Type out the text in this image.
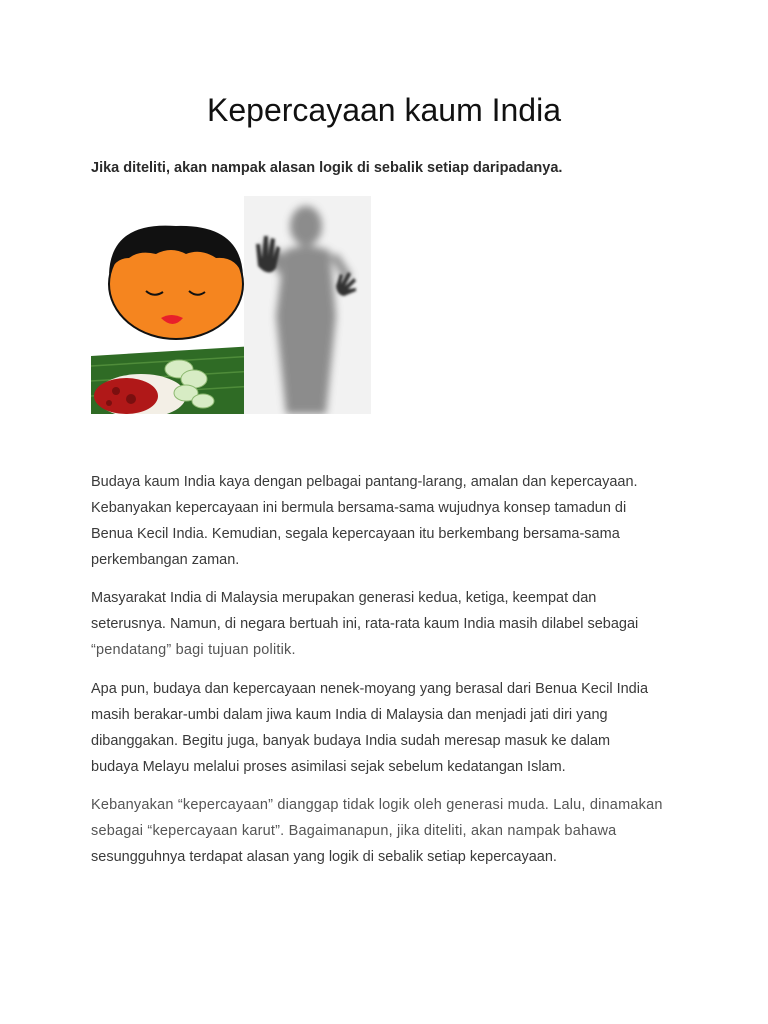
Kepercayaan kaum India

Jika diteliti, akan nampak alasan logik di sebalik setiap daripadanya.

Budaya kaum India kaya dengan pelbagai pantang-larang, amalan dan kepercayaan.
Kebanyakan kepercayaan ini bermula bersama-sama wujudnya konsep tamadun di
Benua Kecil India. Kemudian, segala kepercayaan itu berkembang bersama-sama
perkembangan zaman.
Masyarakat India di Malaysia merupakan generasi kedua, ketiga, keempat dan
seterusnya. Namun, di negara bertuah ini, rata-rata kaum India masih dilabel sebagai
“pendatang” bagi tujuan politik.
Apa pun, budaya dan kepercayaan nenek-moyang yang berasal dari Benua Kecil India
masih berakar-umbi dalam jiwa kaum India di Malaysia dan menjadi jati diri yang
dibanggakan. Begitu juga, banyak budaya India sudah meresap masuk ke dalam
budaya Melayu melalui proses asimilasi sejak sebelum kedatangan Islam.
Kebanyakan “kepercayaan” dianggap tidak logik oleh generasi muda. Lalu, dinamakan
sebagai “kepercayaan karut”. Bagaimanapun, jika diteliti, akan nampak bahawa
sesungguhnya terdapat alasan yang logik di sebalik setiap kepercayaan.
